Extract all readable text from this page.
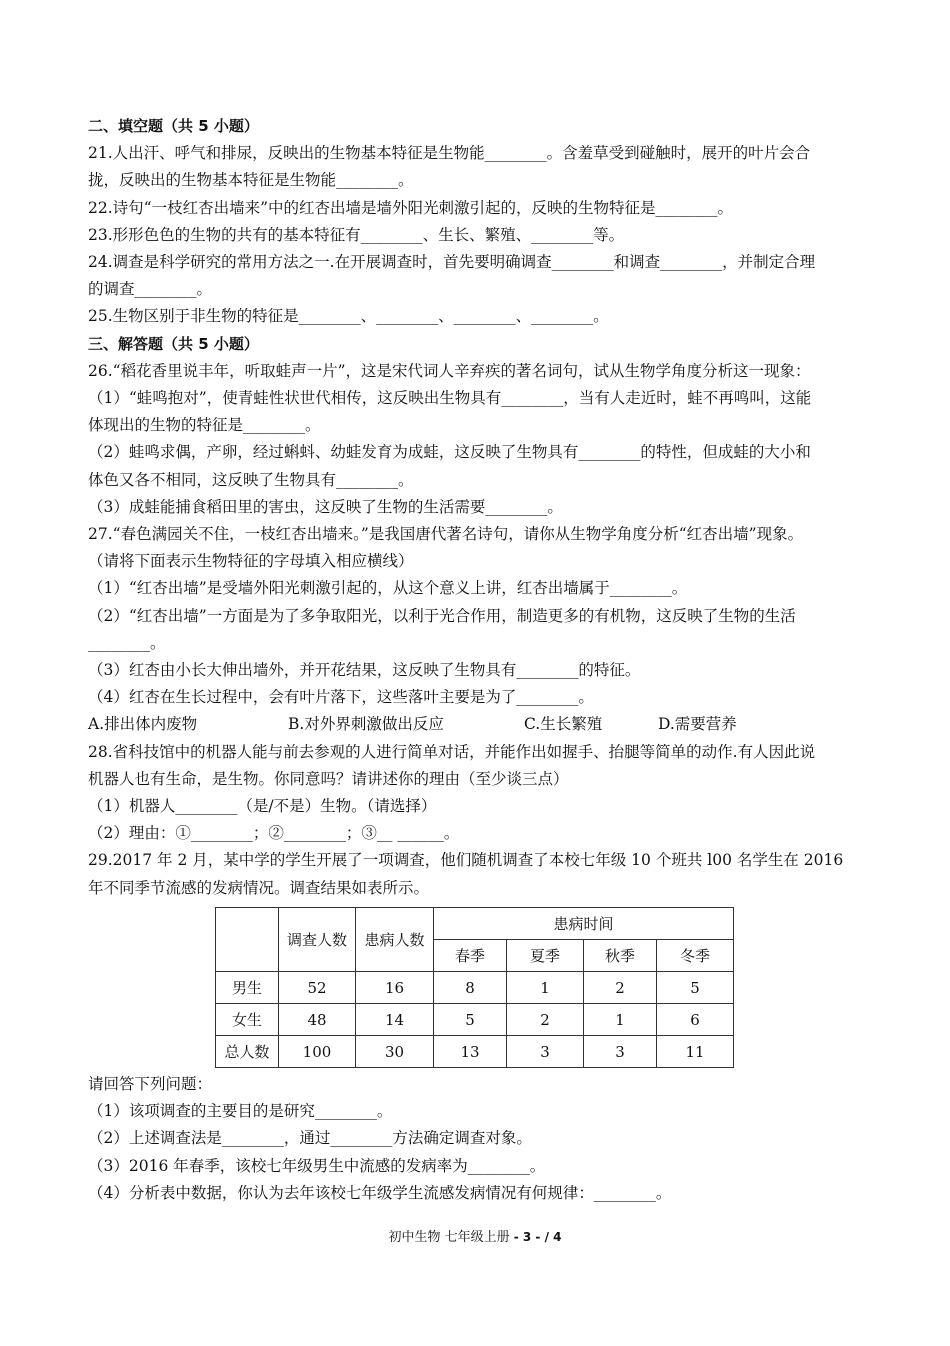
二、填空题（共 5 小题）
21.人出汗、呼气和排尿，反映出的生物基本特征是生物能________。含羞草受到碰触时，展开的叶片会合
拢，反映出的生物基本特征是生物能________。
22.诗句“一枝红杏出墙来”中的红杏出墙是墙外阳光刺激引起的，反映的生物特征是________。
23.形形色色的生物的共有的基本特征有________、生长、繁殖、________等。
24.调查是科学研究的常用方法之一.在开展调查时，首先要明确调查________和调查________，并制定合理
的调查________。
25.生物区别于非生物的特征是________、________、________、________。
三、解答题（共 5 小题）
26.“稻花香里说丰年，听取蛙声一片”，这是宋代词人辛弃疾的著名词句，试从生物学角度分析这一现象：
（1）“蛙鸣抱对”，使青蛙性状世代相传，这反映出生物具有________，当有人走近时，蛙不再鸣叫，这能
体现出的生物的特征是________。
（2）蛙鸣求偶，产卵，经过蝌蚪、幼蛙发育为成蛙，这反映了生物具有________的特性，但成蛙的大小和
体色又各不相同，这反映了生物具有________。
（3）成蛙能捕食稻田里的害虫，这反映了生物的生活需要________。
27.“春色满园关不住，一枝红杏出墙来。”是我国唐代著名诗句，请你从生物学角度分析“红杏出墙”现象。
（请将下面表示生物特征的字母填入相应横线）
（1）“红杏出墙”是受墙外阳光刺激引起的，从这个意义上讲，红杏出墙属于________。
（2）“红杏出墙”一方面是为了多争取阳光，以利于光合作用，制造更多的有机物，这反映了生物的生活
________。
（3）红杏由小长大伸出墙外，并开花结果，这反映了生物具有________的特征。
（4）红杏在生长过程中，会有叶片落下，这些落叶主要是为了________。
A.排出体内废物	B.对外界刺激做出反应	C.生长繁殖	D.需要营养
28.省科技馆中的机器人能与前去参观的人进行简单对话，并能作出如握手、抬腿等简单的动作.有人因此说
机器人也有生命，是生物。你同意吗？请讲述你的理由（至少谈三点）
（1）机器人________（是/不是）生物。（请选择）
（2）理由：①________；②________；③__ ______。
29.2017 年 2 月，某中学的学生开展了一项调查，他们随机调查了本校七年级 10 个班共 l00 名学生在 2016
年不同季节流感的发病情况。调查结果如表所示。
	调查人数	患病人数	患病时间			
			春季	夏季	秋季	冬季
男生	52	16	8	1	2	5
女生	48	14	5	2	1	6
总人数	100	30	13	3	3	11
请回答下列问题：
（1）该项调查的主要目的是研究________。
（2）上述调查法是________，通过________方法确定调查对象。
（3）2016 年春季，该校七年级男生中流感的发病率为________。
（4）分析表中数据，你认为去年该校七年级学生流感发病情况有何规律：________。
初中生物 七年级上册 - 3 - / 4
